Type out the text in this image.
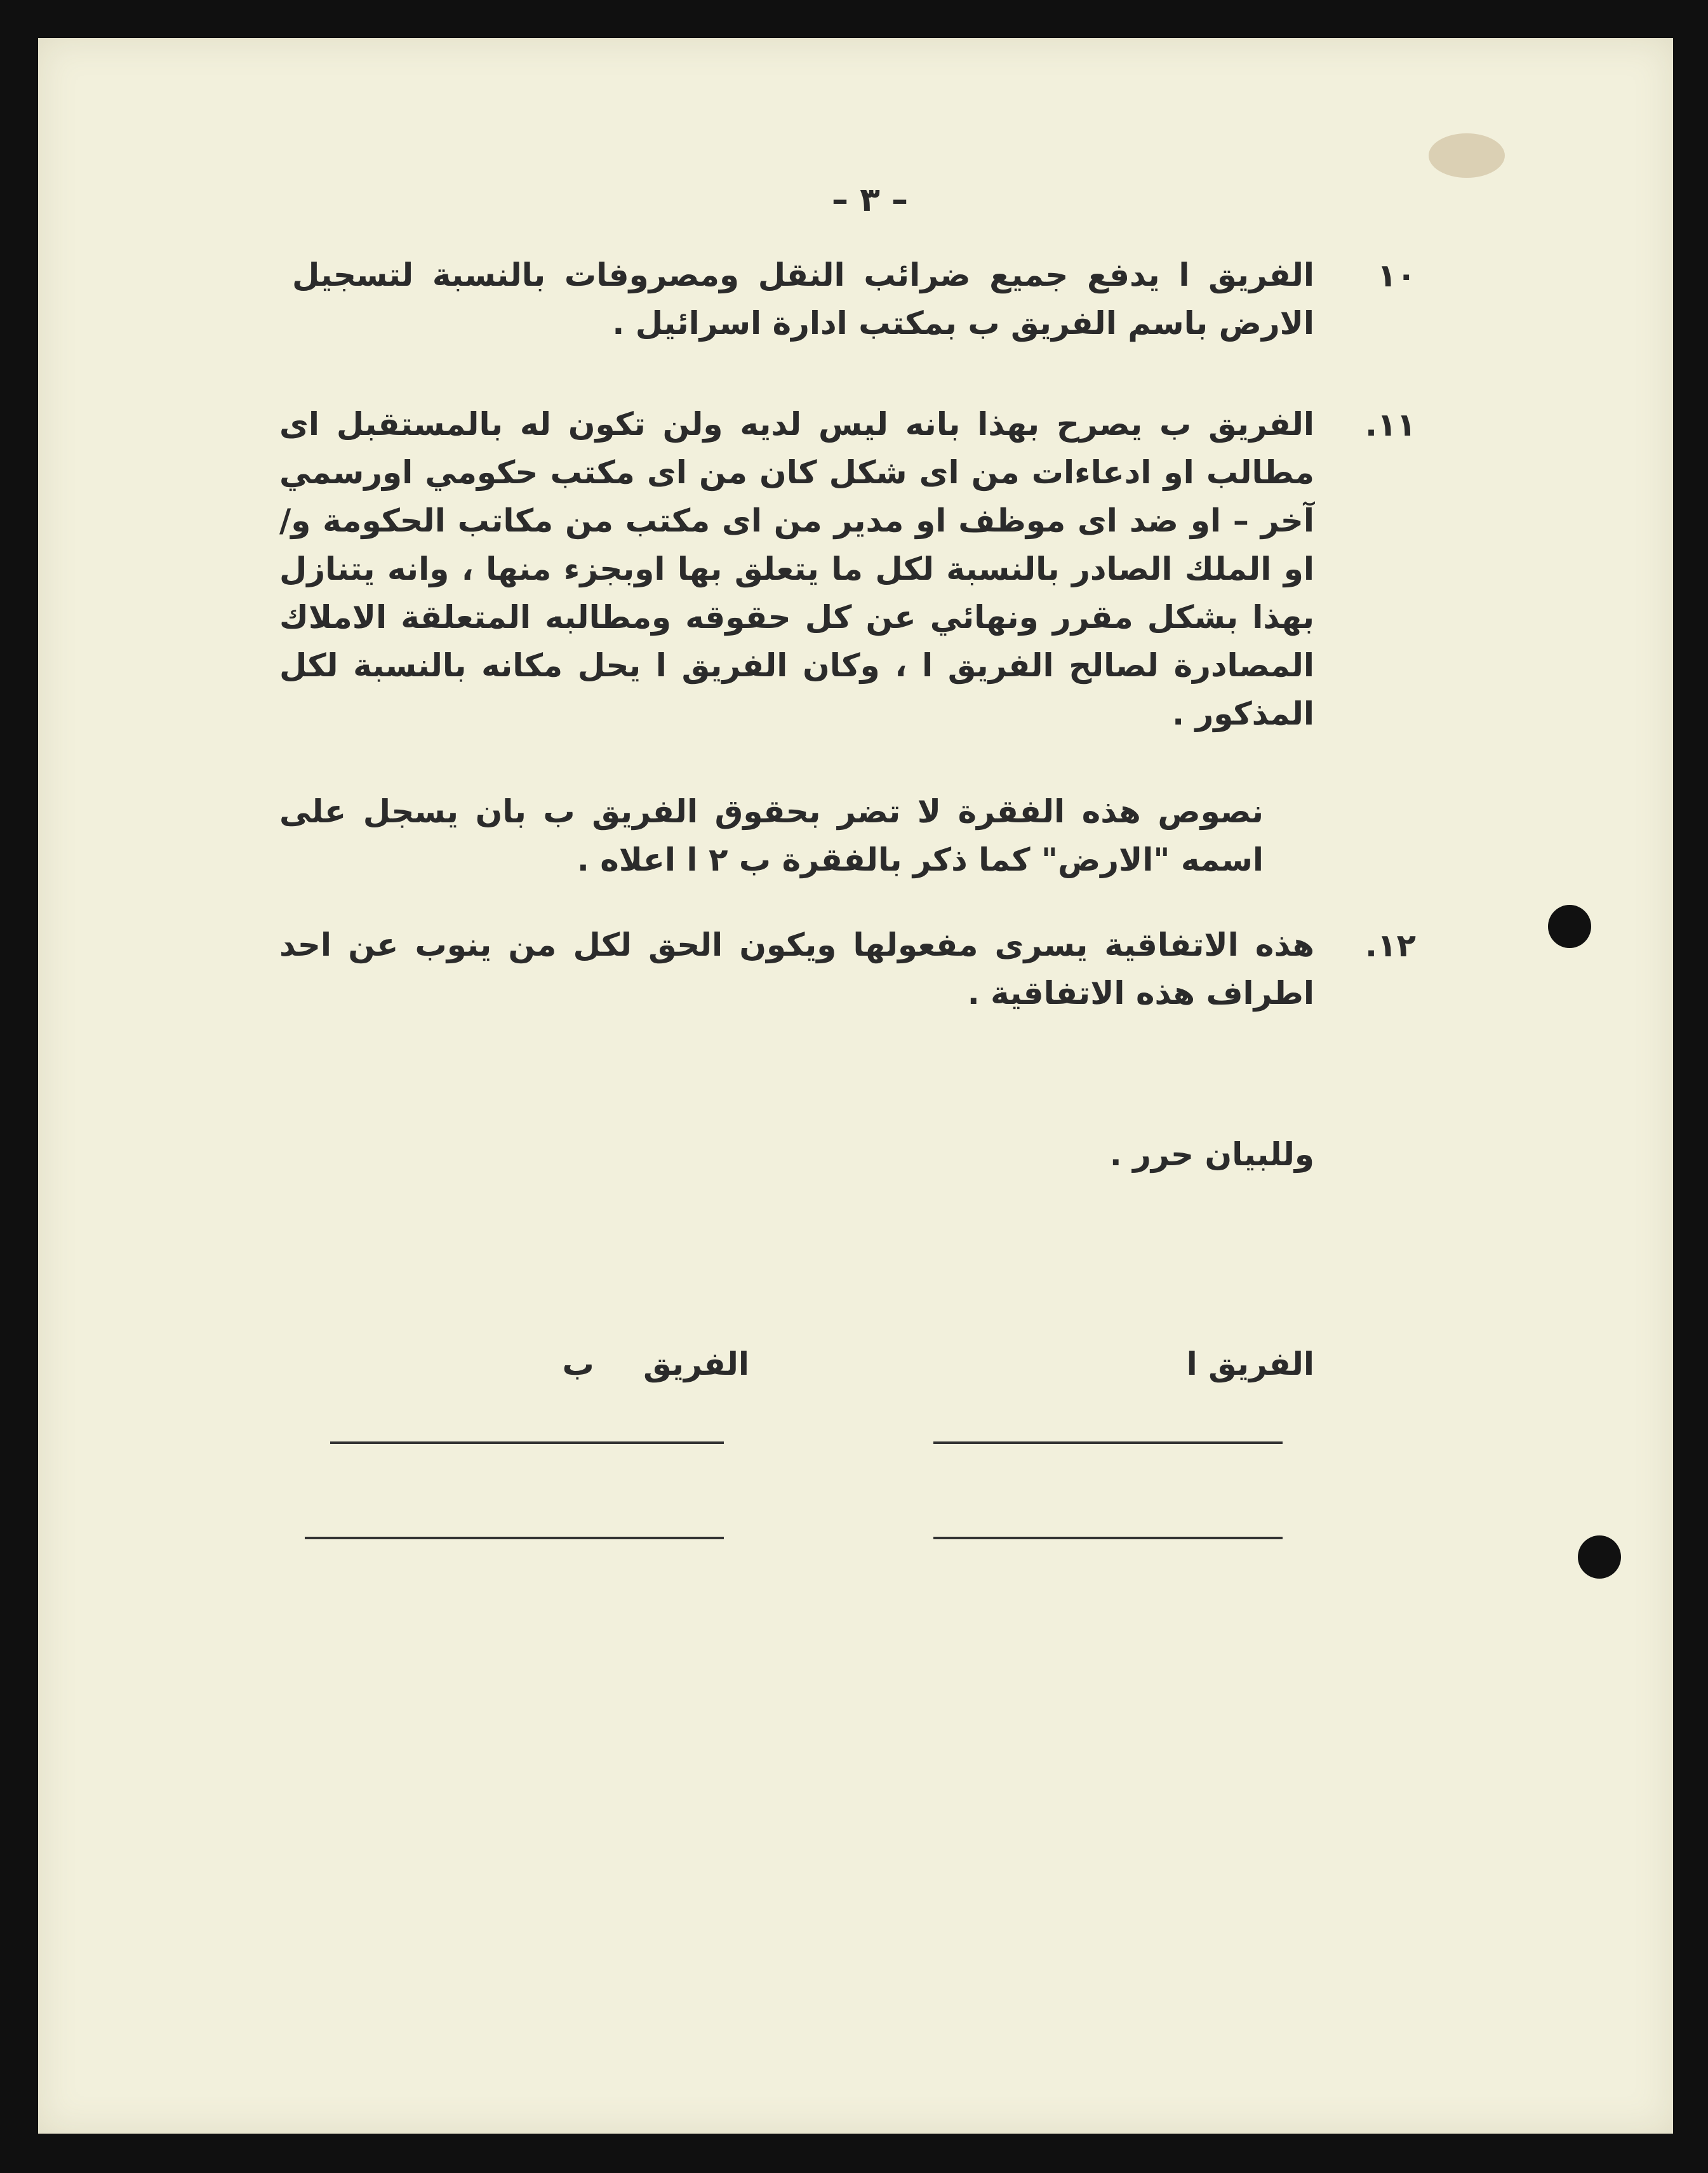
– ٣ –
١٠
الفريق ا يدفع جميع ضرائب النقل ومصروفات بالنسبة لتسجيل الارض باسم الفريق ب بمكتب ادارة اسرائيل .
١١.
الفريق ب يصرح بهذا بانه ليس لديه ولن تكون له بالمستقبل اى مطالب او ادعاءات من اى شكل كان من اى مكتب حكومي اورسمي آخر – او ضد اى موظف او مدير من اى مكتب من مكاتب الحكومة و/او الملك الصادر بالنسبة لكل ما يتعلق بها اوبجزء منها ، وانه يتنازل بهذا بشكل مقرر ونهائي عن كل حقوقه ومطالبه المتعلقة الاملاك المصادرة لصالح الفريق ا ، وكان الفريق ا يحل مكانه بالنسبة لكل المذكور .
نصوص هذه الفقرة لا تضر بحقوق الفريق ب بان يسجل على اسمه "الارض" كما ذكر بالفقرة ب ٢ ا اعلاه .
١٢.
هذه الاتفاقية يسرى مفعولها ويكون الحق لكل من ينوب عن احد اطراف هذه الاتفاقية .
وللبيان حرر .
الفريق ا
الفريق ب
